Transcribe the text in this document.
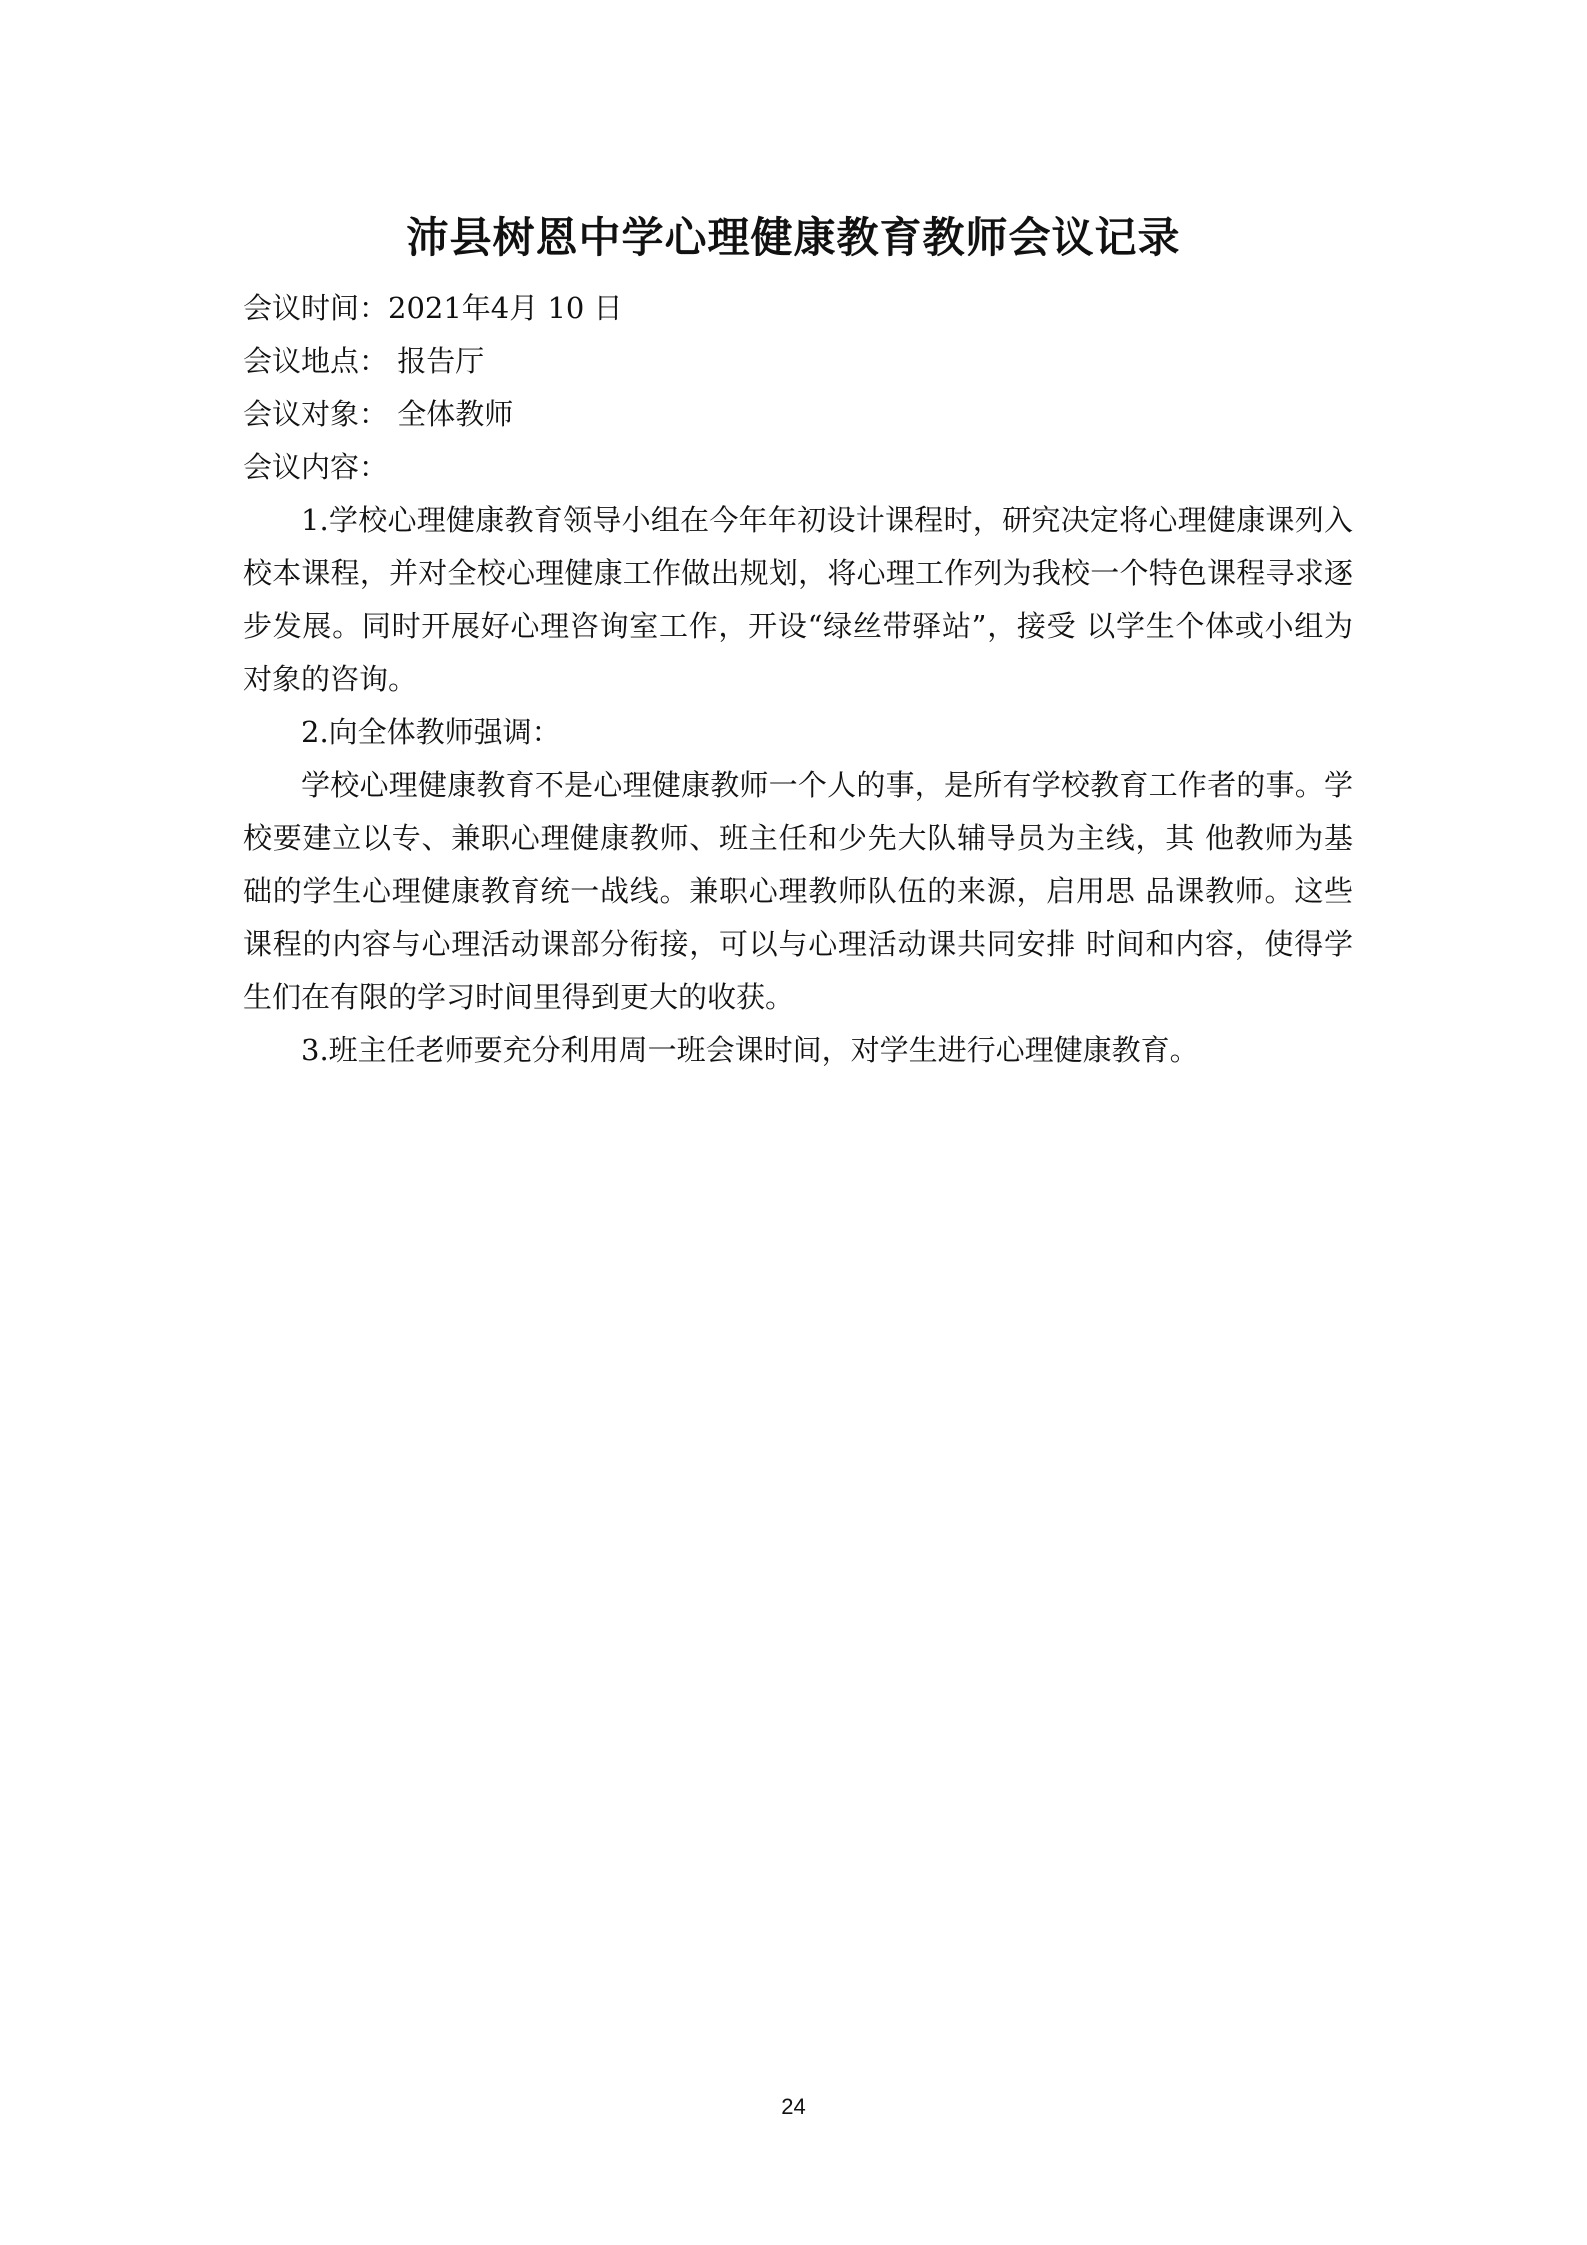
沛县树恩中学心理健康教育教师会议记录
会议时间：2021年4月 10 日
会议地点： 报告厅
会议对象： 全体教师
会议内容：

1.学校心理健康教育领导小组在今年年初设计课程时，研究决定将心理健康课列入校本课程，并对全校心理健康工作做出规划，将心理工作列为我校一个特色课程寻求逐步发展。同时开展好心理咨询室工作，开设“绿丝带驿站”，接受 以学生个体或小组为对象的咨询。

2.向全体教师强调：

学校心理健康教育不是心理健康教师一个人的事，是所有学校教育工作者的事。学校要建立以专、兼职心理健康教师、班主任和少先大队辅导员为主线，其 他教师为基础的学生心理健康教育统一战线。兼职心理教师队伍的来源，启用思 品课教师。这些课程的内容与心理活动课部分衔接，可以与心理活动课共同安排 时间和内容，使得学生们在有限的学习时间里得到更大的收获。

3.班主任老师要充分利用周一班会课时间，对学生进行心理健康教育。

24
